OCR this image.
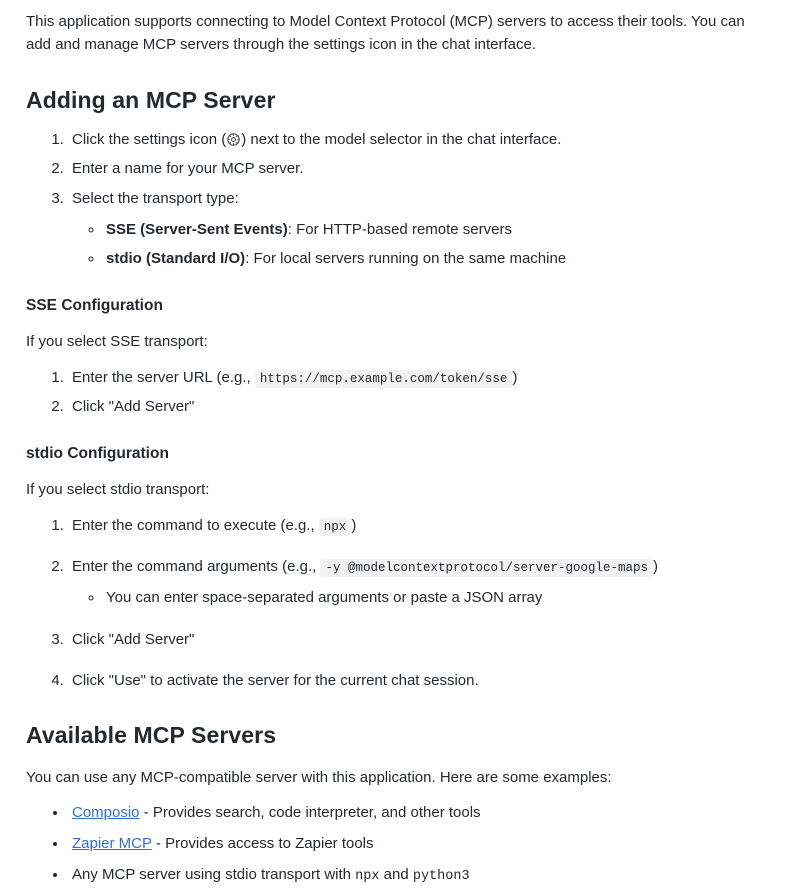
This application supports connecting to Model Context Protocol (MCP) servers to access their tools. You can add and manage MCP servers through the settings icon in the chat interface.

Adding an MCP Server
1. Click the settings icon ( ) next to the model selector in the chat interface.
2. Enter a name for your MCP server.
3. Select the transport type:
◦ SSE (Server-Sent Events): For HTTP-based remote servers
◦ stdio (Standard I/O): For local servers running on the same machine
SSE Configuration

If you select SSE transport:

1. Enter the server URL (e.g., https://mcp.example.com/token/sse )
2. Click "Add Server"
stdio Configuration

If you select stdio transport:

1. Enter the command to execute (e.g., npx )
2. Enter the command arguments (e.g., -y @modelcontextprotocol/server-google-maps )
◦ You can enter space-separated arguments or paste a JSON array
3. Click "Add Server"
4. Click "Use" to activate the server for the current chat session.
Available MCP Servers

You can use any MCP-compatible server with this application. Here are some examples:

• Composio - Provides search, code interpreter, and other tools
• Zapier MCP - Provides access to Zapier tools
• Any MCP server using stdio transport with npx and python3
